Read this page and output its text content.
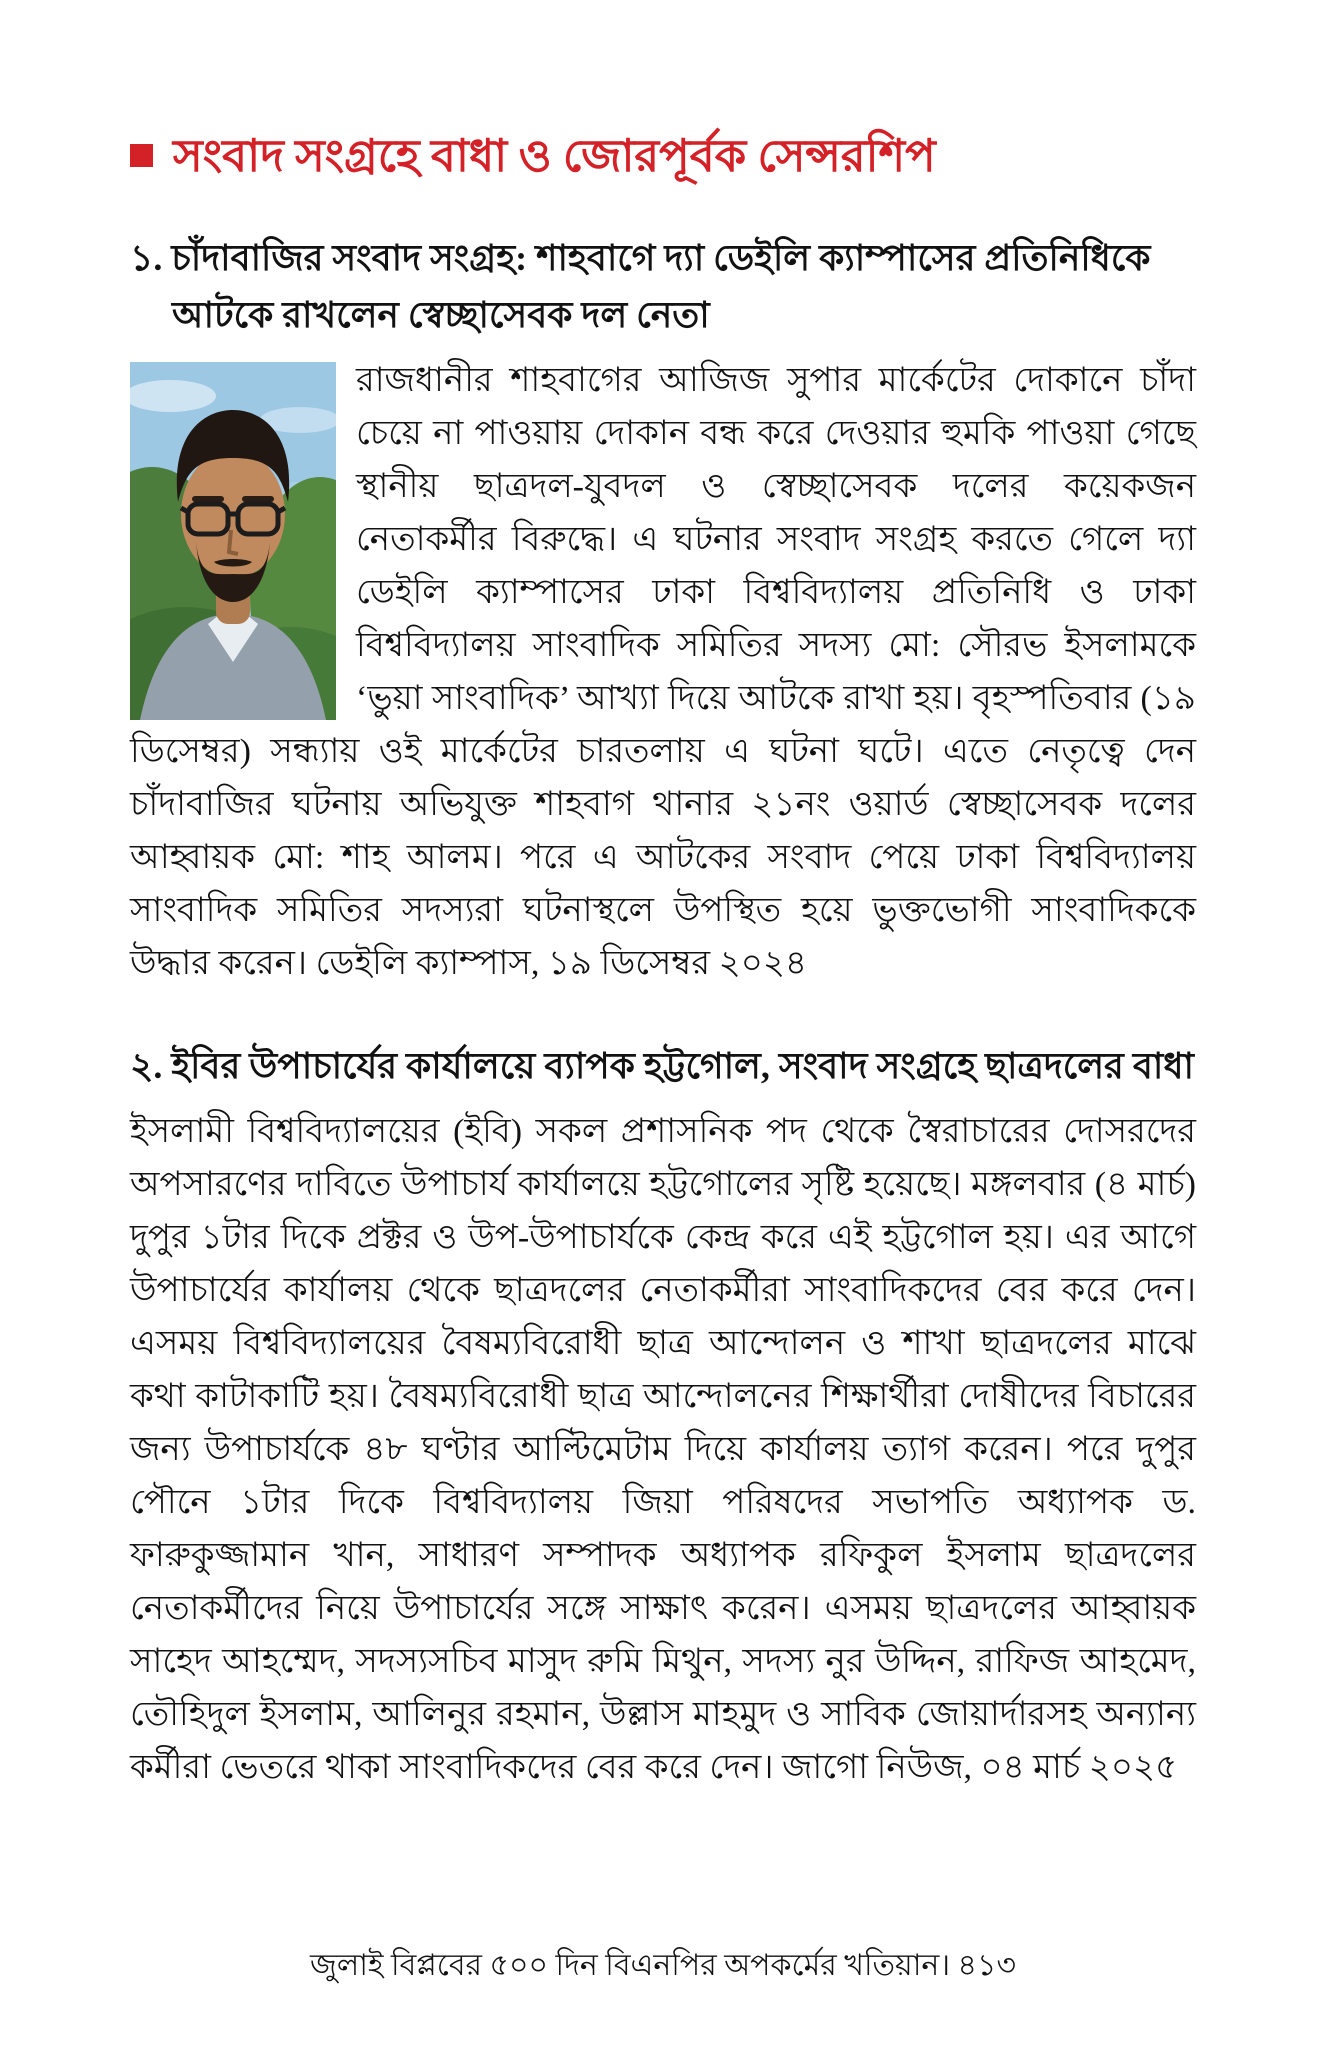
সংবাদ সংগ্রহে বাধা ও জোরপূর্বক সেন্সরশিপ
১. চাঁদাবাজির সংবাদ সংগ্রহ: শাহবাগে দ্যা ডেইলি ক্যাম্পাসের প্রতিনিধিকে আটকে রাখলেন স্বেচ্ছাসেবক দল নেতা

রাজধানীর শাহবাগের আজিজ সুপার মার্কেটের দোকানে চাঁদা চেয়ে না পাওয়ায় দোকান বন্ধ করে দেওয়ার হুমকি পাওয়া গেছে স্থানীয় ছাত্রদল-যুবদল ও স্বেচ্ছাসেবক দলের কয়েকজন নেতাকর্মীর বিরুদ্ধে। এ ঘটনার সংবাদ সংগ্রহ করতে গেলে দ্যা ডেইলি ক্যাম্পাসের ঢাকা বিশ্ববিদ্যালয় প্রতিনিধি ও ঢাকা বিশ্ববিদ্যালয় সাংবাদিক সমিতির সদস্য মো: সৌরভ ইসলামকে ‘ভুয়া সাংবাদিক’ আখ্যা দিয়ে আটকে রাখা হয়। বৃহস্পতিবার (১৯ ডিসেম্বর) সন্ধ্যায় ওই মার্কেটের চারতলায় এ ঘটনা ঘটে। এতে নেতৃত্বে দেন চাঁদাবাজির ঘটনায় অভিযুক্ত শাহবাগ থানার ২১নং ওয়ার্ড স্বেচ্ছাসেবক দলের আহ্বায়ক মো: শাহ আলম। পরে এ আটকের সংবাদ পেয়ে ঢাকা বিশ্ববিদ্যালয় সাংবাদিক সমিতির সদস্যরা ঘটনাস্থলে উপস্থিত হয়ে ভুক্তভোগী সাংবাদিককে উদ্ধার করেন। ডেইলি ক্যাম্পাস, ১৯ ডিসেম্বর ২০২৪

২. ইবির উপাচার্যের কার্যালয়ে ব্যাপক হট্টগোল, সংবাদ সংগ্রহে ছাত্রদলের বাধা

ইসলামী বিশ্ববিদ্যালয়ের (ইবি) সকল প্রশাসনিক পদ থেকে স্বৈরাচারের দোসরদের অপসারণের দাবিতে উপাচার্য কার্যালয়ে হট্টগোলের সৃষ্টি হয়েছে। মঙ্গলবার (৪ মার্চ) দুপুর ১টার দিকে প্রক্টর ও উপ-উপাচার্যকে কেন্দ্র করে এই হট্টগোল হয়। এর আগে উপাচার্যের কার্যালয় থেকে ছাত্রদলের নেতাকর্মীরা সাংবাদিকদের বের করে দেন। এসময় বিশ্ববিদ্যালয়ের বৈষম্যবিরোধী ছাত্র আন্দোলন ও শাখা ছাত্রদলের মাঝে কথা কাটাকাটি হয়। বৈষম্যবিরোধী ছাত্র আন্দোলনের শিক্ষার্থীরা দোষীদের বিচারের জন্য উপাচার্যকে ৪৮ ঘণ্টার আল্টিমেটাম দিয়ে কার্যালয় ত্যাগ করেন। পরে দুপুর পৌনে ১টার দিকে বিশ্ববিদ্যালয় জিয়া পরিষদের সভাপতি অধ্যাপক ড. ফারুকুজ্জামান খান, সাধারণ সম্পাদক অধ্যাপক রফিকুল ইসলাম ছাত্রদলের নেতাকর্মীদের নিয়ে উপাচার্যের সঙ্গে সাক্ষাৎ করেন। এসময় ছাত্রদলের আহ্বায়ক সাহেদ আহম্মেদ, সদস্যসচিব মাসুদ রুমি মিথুন, সদস্য নুর উদ্দিন, রাফিজ আহমেদ, তৌহিদুল ইসলাম, আলিনুর রহমান, উল্লাস মাহমুদ ও সাবিক জোয়ার্দারসহ অন্যান্য কর্মীরা ভেতরে থাকা সাংবাদিকদের বের করে দেন। জাগো নিউজ, ০৪ মার্চ ২০২৫

জুলাই বিপ্লবের ৫০০ দিন বিএনপির অপকর্মের খতিয়ান। ৪১৩
